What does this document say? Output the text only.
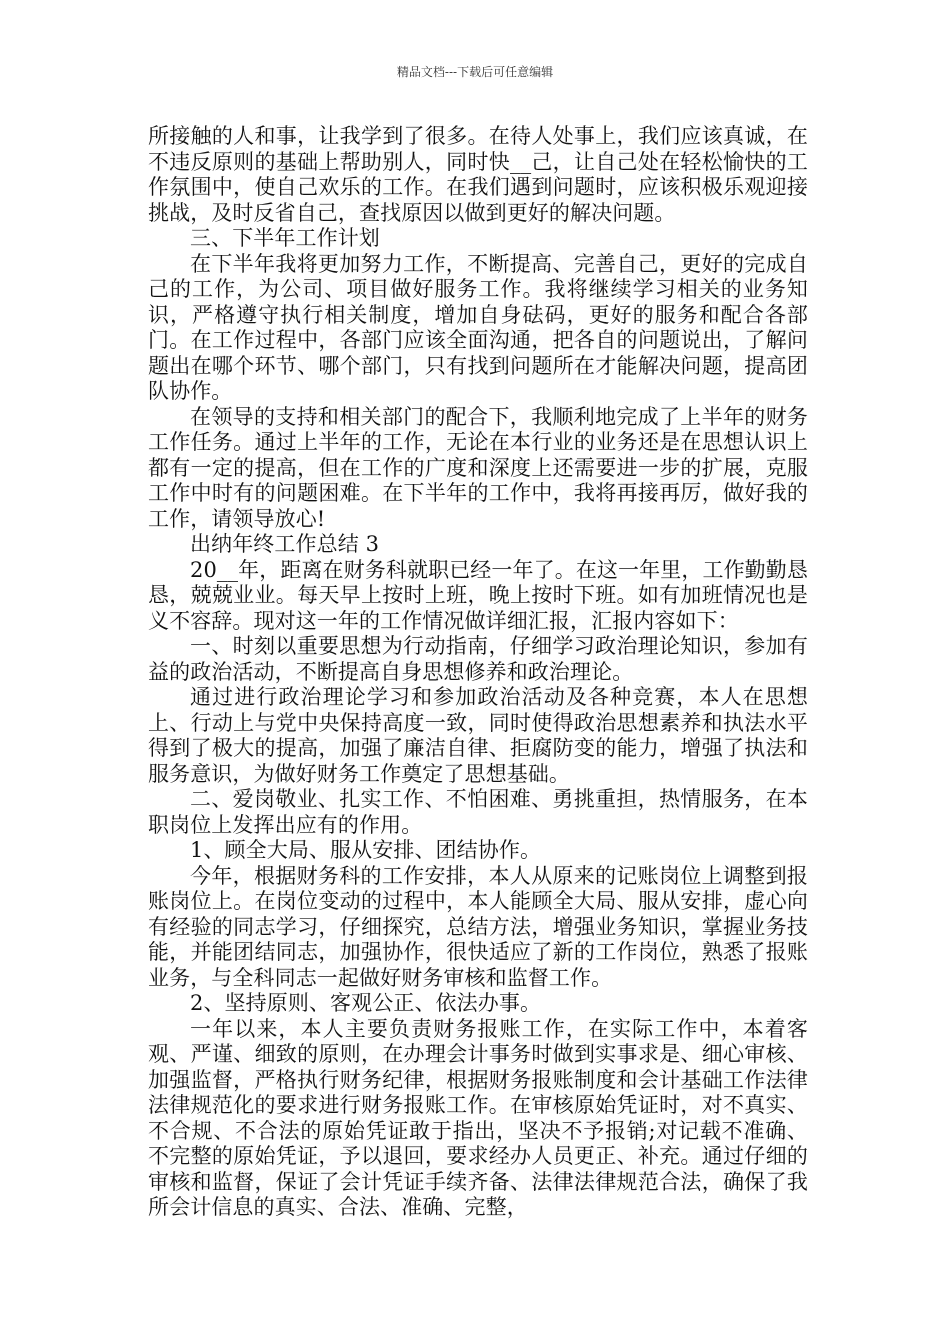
精品文档---下载后可任意编辑

所接触的人和事，让我学到了很多。在待人处事上，我们应该真诚，在不违反原则的基础上帮助别人，同时快__己，让自己处在轻松愉快的工作氛围中，使自己欢乐的工作。在我们遇到问题时，应该积极乐观迎接挑战，及时反省自己，查找原因以做到更好的解决问题。

三、下半年工作计划

在下半年我将更加努力工作，不断提高、完善自己，更好的完成自己的工作，为公司、项目做好服务工作。我将继续学习相关的业务知识，严格遵守执行相关制度，增加自身砝码，更好的服务和配合各部门。在工作过程中，各部门应该全面沟通，把各自的问题说出，了解问题出在哪个环节、哪个部门，只有找到问题所在才能解决问题，提高团队协作。

在领导的支持和相关部门的配合下，我顺利地完成了上半年的财务工作任务。通过上半年的工作，无论在本行业的业务还是在思想认识上都有一定的提高，但在工作的广度和深度上还需要进一步的扩展，克服工作中时有的问题困难。在下半年的工作中，我将再接再厉，做好我的工作，请领导放心!

出纳年终工作总结 3

20__年，距离在财务科就职已经一年了。在这一年里，工作勤勤恳恳，兢兢业业。每天早上按时上班，晚上按时下班。如有加班情况也是义不容辞。现对这一年的工作情况做详细汇报，汇报内容如下：

一、时刻以重要思想为行动指南，仔细学习政治理论知识，参加有益的政治活动，不断提高自身思想修养和政治理论。

通过进行政治理论学习和参加政治活动及各种竞赛，本人在思想上、行动上与党中央保持高度一致，同时使得政治思想素养和执法水平得到了极大的提高，加强了廉洁自律、拒腐防变的能力，增强了执法和服务意识，为做好财务工作奠定了思想基础。

二、爱岗敬业、扎实工作、不怕困难、勇挑重担，热情服务，在本职岗位上发挥出应有的作用。

1、顾全大局、服从安排、团结协作。

今年，根据财务科的工作安排，本人从原来的记账岗位上调整到报账岗位上。在岗位变动的过程中，本人能顾全大局、服从安排，虚心向有经验的同志学习，仔细探究，总结方法，增强业务知识，掌握业务技能，并能团结同志，加强协作，很快适应了新的工作岗位，熟悉了报账业务，与全科同志一起做好财务审核和监督工作。

2、坚持原则、客观公正、依法办事。

一年以来，本人主要负责财务报账工作，在实际工作中，本着客观、严谨、细致的原则，在办理会计事务时做到实事求是、细心审核、加强监督，严格执行财务纪律，根据财务报账制度和会计基础工作法律法律规范化的要求进行财务报账工作。在审核原始凭证时，对不真实、不合规、不合法的原始凭证敢于指出，坚决不予报销;对记载不准确、不完整的原始凭证，予以退回，要求经办人员更正、补充。通过仔细的审核和监督，保证了会计凭证手续齐备、法律法律规范合法，确保了我所会计信息的真实、合法、准确、完整，
